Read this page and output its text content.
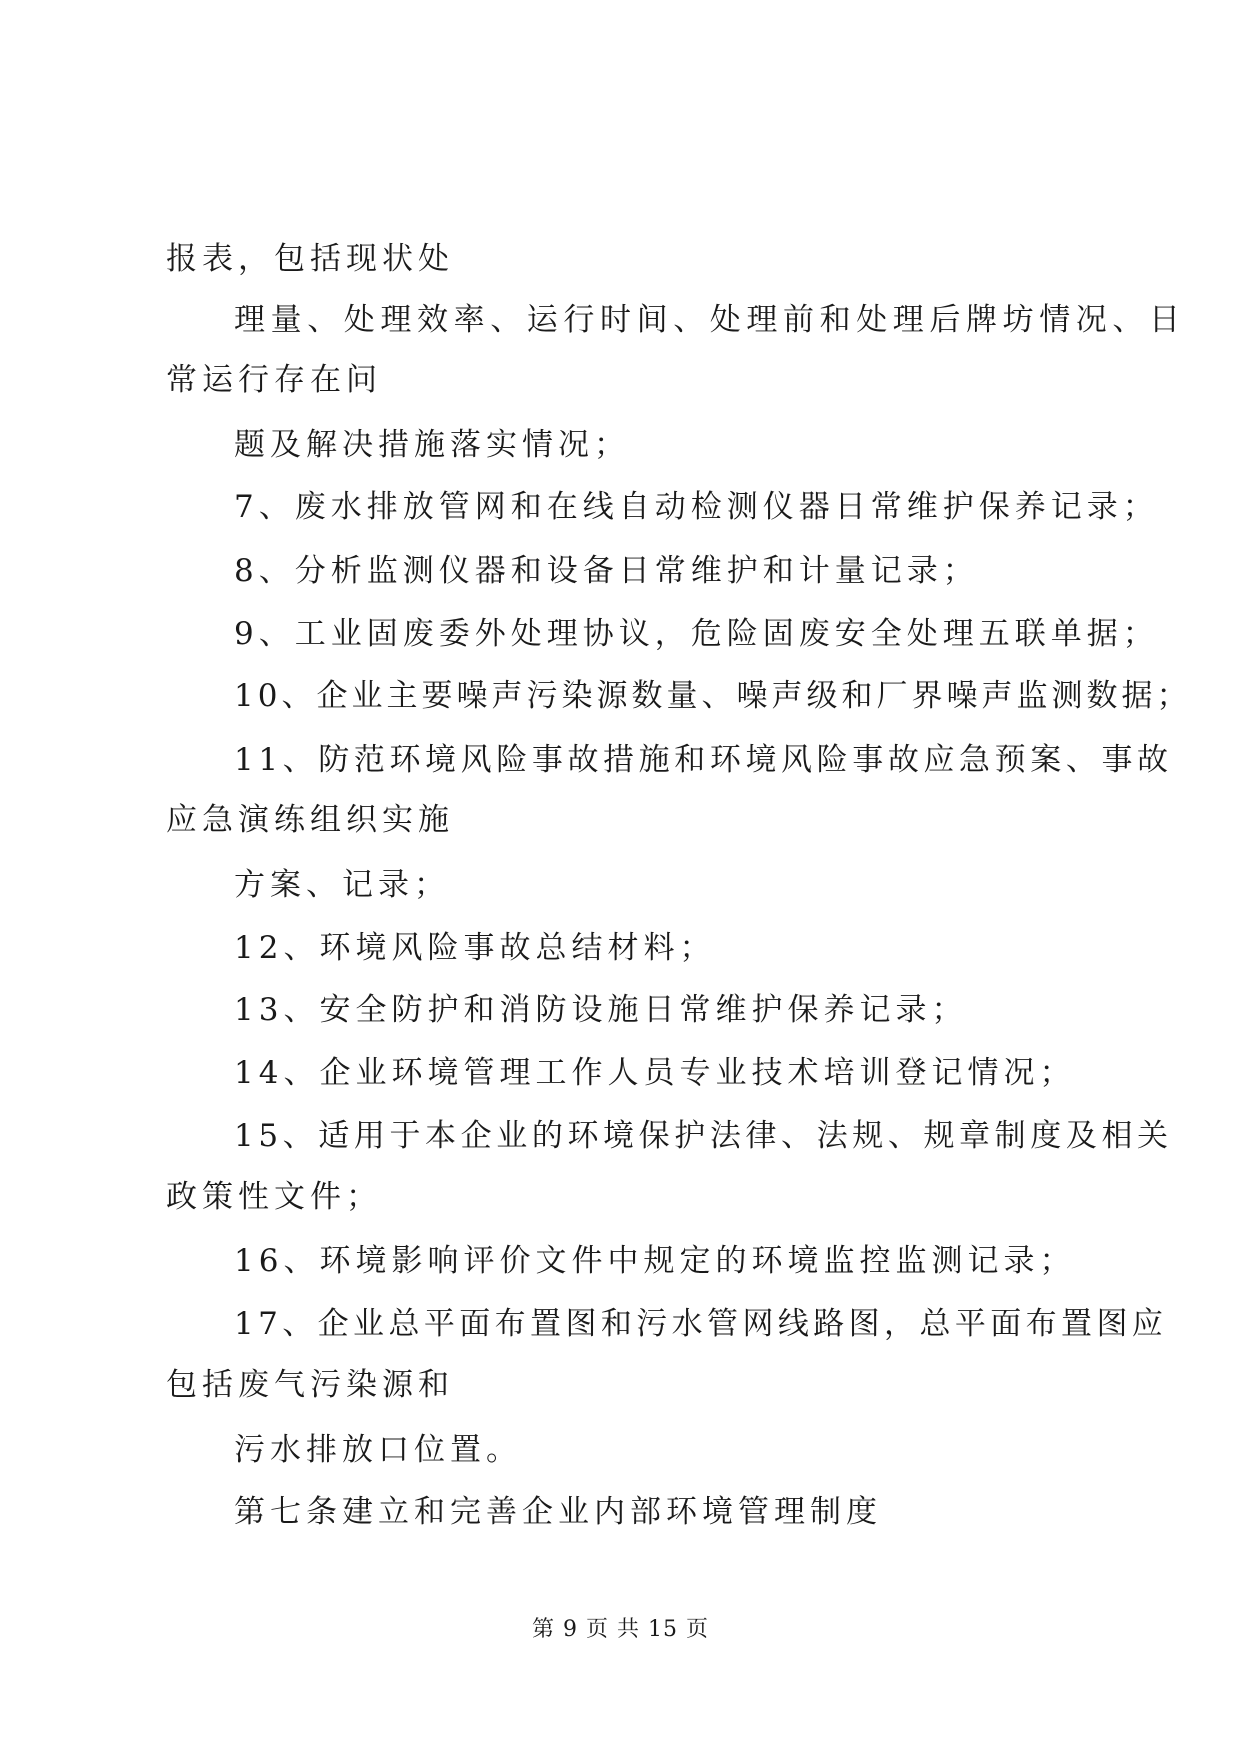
报表，包括现状处
理量、处理效率、运行时间、处理前和处理后牌坊情况、日
常运行存在问
题及解决措施落实情况；
7、废水排放管网和在线自动检测仪器日常维护保养记录；
8、分析监测仪器和设备日常维护和计量记录；
9、工业固废委外处理协议，危险固废安全处理五联单据；
10、企业主要噪声污染源数量、噪声级和厂界噪声监测数据；
11、防范环境风险事故措施和环境风险事故应急预案、事故
应急演练组织实施
方案、记录；
12、环境风险事故总结材料；
13、安全防护和消防设施日常维护保养记录；
14、企业环境管理工作人员专业技术培训登记情况；
15、适用于本企业的环境保护法律、法规、规章制度及相关
政策性文件；
16、环境影响评价文件中规定的环境监控监测记录；
17、企业总平面布置图和污水管网线路图，总平面布置图应
包括废气污染源和
污水排放口位置。
第七条建立和完善企业内部环境管理制度
第 9 页 共 15 页
